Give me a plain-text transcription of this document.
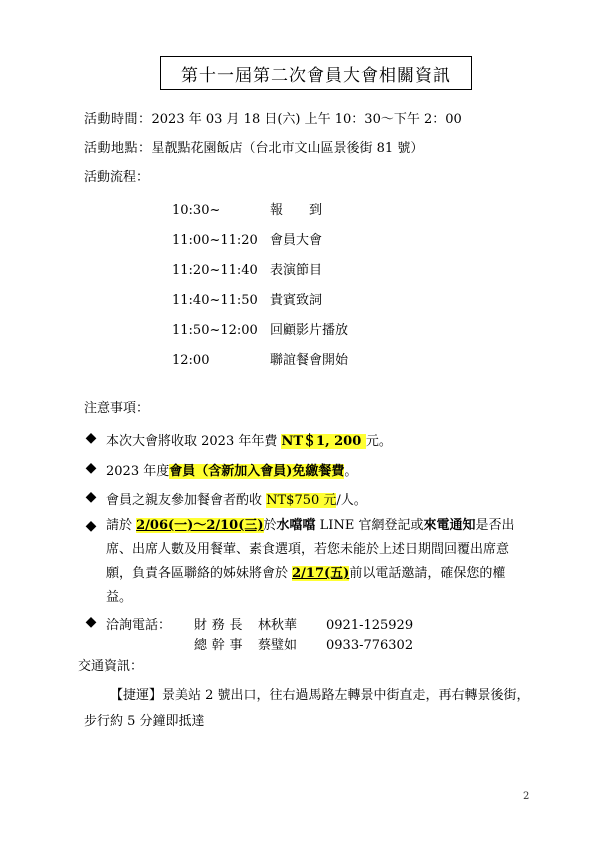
第十一屆第二次會員大會相關資訊
活動時間：2023 年 03 月 18 日(六) 上午 10：30～下午 2：00
活動地點：星靓點花園飯店（台北市文山區景後街 81 號）
活動流程：
10:30~	報　　到
11:00~11:20 會員大會
11:20~11:40 表演節目
11:40~11:50 貴賓致詞
11:50~12:00 回顧影片播放
12:00	聯誼餐會開始
注意事項：
◆ 本次大會將收取 2023 年年費 NT＄1, 200 元。
◆ 2023 年度會員（含新加入會員)免繳餐費。
◆ 會員之親友參加餐會者酌收 NT$750 元/人。
◆ 請於 2/06(一)～2/10(三)於水噹噹 LINE 官網登記或來電通知是否出席、出席人數及用餐葷、素食選項，若您未能於上述日期間回覆出席意願，負責各區聯絡的姊妹將會於 2/17(五)前以電話邀請，確保您的權益。
◆ 洽詢電話： 財 務 長 林秋華 0921-125929
總 幹 事 蔡璧如 0933-776302
交通資訊：
【捷運】景美站 2 號出口，往右過馬路左轉景中街直走，再右轉景後街，步行約 5 分鐘即抵達
2
